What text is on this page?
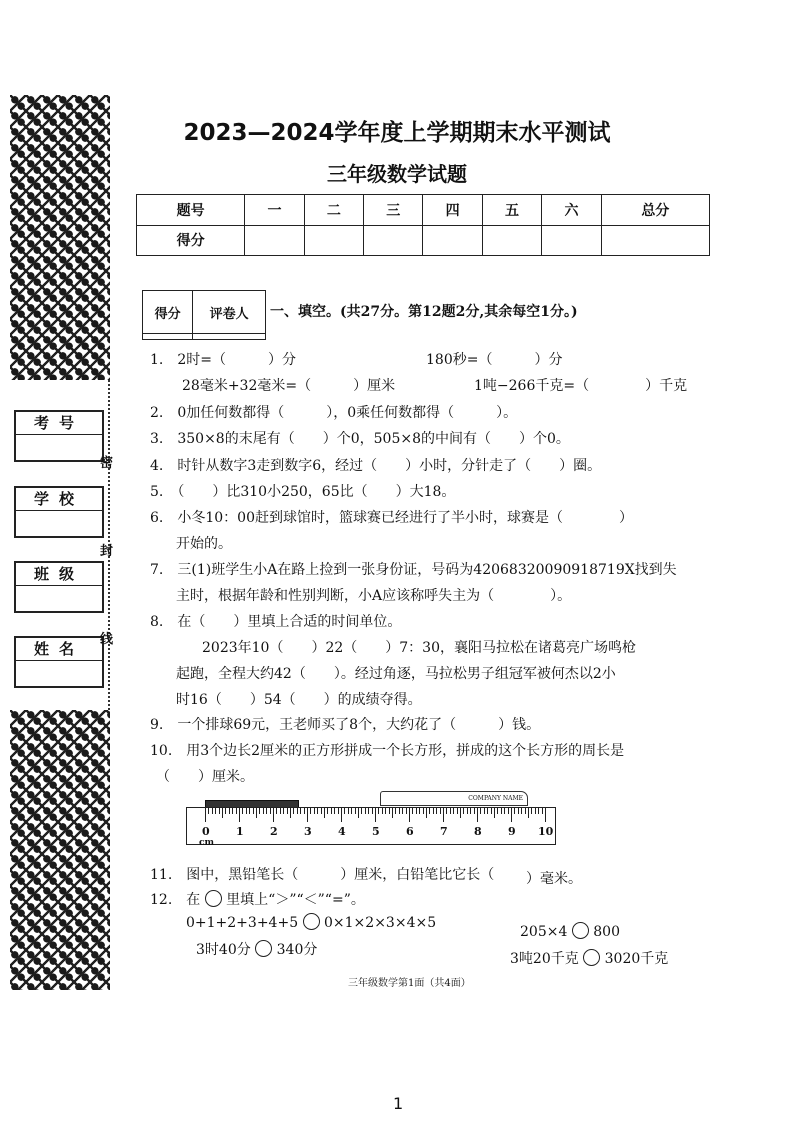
考号
学校
班级
姓名
密
封
线
2023—2024学年度上学期期末水平测试
三年级数学试题
题号	一	二	三	四	五	六	总分
得分							
得分	评卷人
	一、填空。(共27分。第12题2分,其余每空1分。)
1.　2时=（　　　）分	180秒=（　　　）分
28毫米+32毫米=（　　　）厘米	1吨−266千克=（　　　　）千克
2.　0加任何数都得（　　　），0乘任何数都得（　　　）。
3.　350×8的末尾有（　　）个0，505×8的中间有（　　）个0。
4.　时针从数字3走到数字6，经过（　　）小时，分针走了（　　）圈。
5.　（　　）比310小250，65比（　　）大18。
6.　小冬10：00赶到球馆时，篮球赛已经进行了半小时，球赛是（　　　　）
开始的。
7.　三(1)班学生小A在路上捡到一张身份证，号码为42068320090918719X找到失
主时，根据年龄和性别判断，小A应该称呼失主为（　　　　）。
8.　在（　　）里填上合适的时间单位。
2023年10（　　）22（　　）7：30，襄阳马拉松在诸葛亮广场鸣枪
起跑，全程大约42（　　）。经过角逐，马拉松男子组冠军被何杰以2小
时16（　　）54（　　）的成绩夺得。
9.　一个排球69元，王老师买了8个，大约花了（　　　）钱。
10.　用3个边长2厘米的正方形拼成一个长方形，拼成的这个长方形的周长是
（　　）厘米。
COMPANY NAME
cm
0 1 2 3 4 5 6 7 8 9 10
11.　图中，黑铅笔长（　　　）厘米，白铅笔比它长（ ）毫米。
12.　在 里填上“＞”“＜”“=”。
0+1+2+3+4+5 0×1×2×3×4×5
205×4 800
3时40分 340分
3吨20千克 3020千克
三年级数学第1面（共4面）
1
